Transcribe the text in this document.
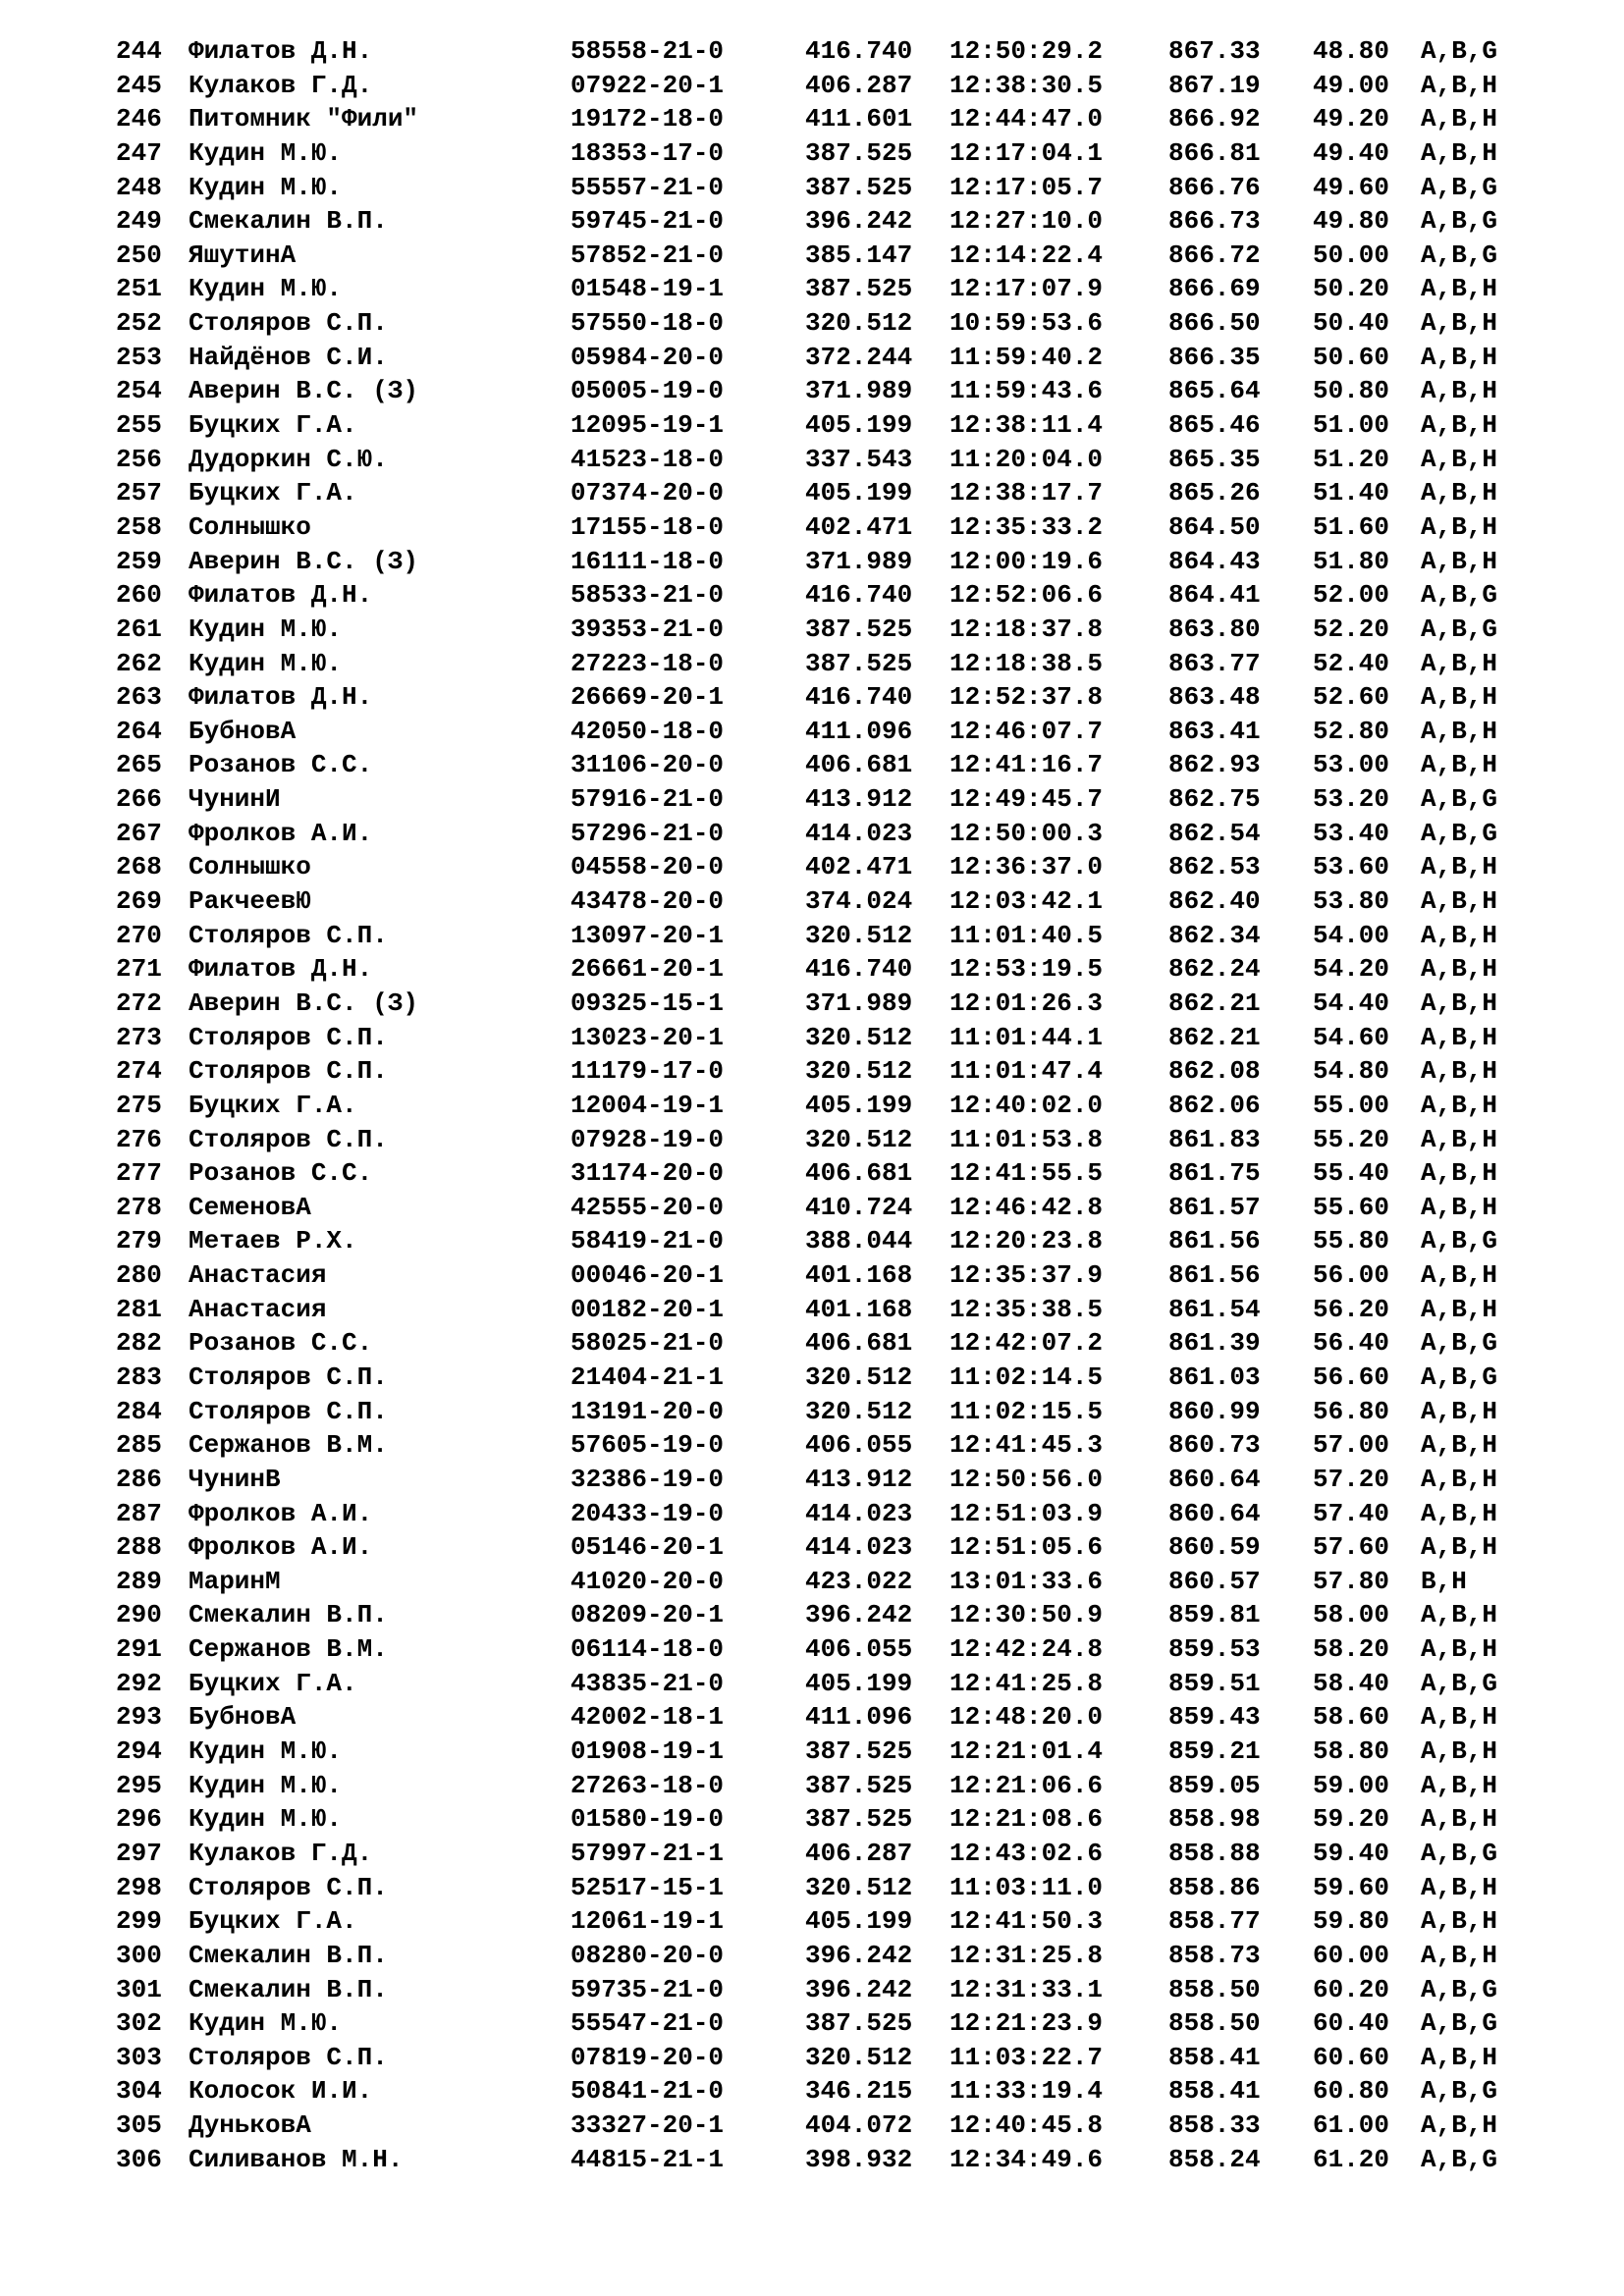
244 Филатов Д.Н.	58558-21-0	416.740 12:50:29.2	867.33 48.80 A,B,G
245 Кулаков Г.Д.	07922-20-1	406.287 12:38:30.5	867.19 49.00 A,B,H
246 Питомник "Фили"	19172-18-0	411.601 12:44:47.0	866.92 49.20 A,B,H
247 Кудин М.Ю.	18353-17-0	387.525 12:17:04.1	866.81 49.40 A,B,H
248 Кудин М.Ю.	55557-21-0	387.525 12:17:05.7	866.76 49.60 A,B,G
249 Смекалин В.П.	59745-21-0	396.242 12:27:10.0	866.73 49.80 A,B,G
250 ЯшутинА	57852-21-0	385.147 12:14:22.4	866.72 50.00 A,B,G
251 Кудин М.Ю.	01548-19-1	387.525 12:17:07.9	866.69 50.20 A,B,H
252 Столяров С.П.	57550-18-0	320.512 10:59:53.6	866.50 50.40 A,B,H
253 Найдёнов С.И.	05984-20-0	372.244 11:59:40.2	866.35 50.60 A,B,H
254 Аверин В.С. (З)	05005-19-0	371.989 11:59:43.6	865.64 50.80 A,B,H
255 Буцких Г.А.	12095-19-1	405.199 12:38:11.4	865.46 51.00 A,B,H
256 Дудоркин С.Ю.	41523-18-0	337.543 11:20:04.0	865.35 51.20 A,B,H
257 Буцких Г.А.	07374-20-0	405.199 12:38:17.7	865.26 51.40 A,B,H
258 Солнышко	17155-18-0	402.471 12:35:33.2	864.50 51.60 A,B,H
259 Аверин В.С. (З)	16111-18-0	371.989 12:00:19.6	864.43 51.80 A,B,H
260 Филатов Д.Н.	58533-21-0	416.740 12:52:06.6	864.41 52.00 A,B,G
261 Кудин М.Ю.	39353-21-0	387.525 12:18:37.8	863.80 52.20 A,B,G
262 Кудин М.Ю.	27223-18-0	387.525 12:18:38.5	863.77 52.40 A,B,H
263 Филатов Д.Н.	26669-20-1	416.740 12:52:37.8	863.48 52.60 A,B,H
264 БубновА	42050-18-0	411.096 12:46:07.7	863.41 52.80 A,B,H
265 Розанов С.С.	31106-20-0	406.681 12:41:16.7	862.93 53.00 A,B,H
266 ЧунинИ	57916-21-0	413.912 12:49:45.7	862.75 53.20 A,B,G
267 Фролков А.И.	57296-21-0	414.023 12:50:00.3	862.54 53.40 A,B,G
268 Солнышко	04558-20-0	402.471 12:36:37.0	862.53 53.60 A,B,H
269 РакчеевЮ	43478-20-0	374.024 12:03:42.1	862.40 53.80 A,B,H
270 Столяров С.П.	13097-20-1	320.512 11:01:40.5	862.34 54.00 A,B,H
271 Филатов Д.Н.	26661-20-1	416.740 12:53:19.5	862.24 54.20 A,B,H
272 Аверин В.С. (З)	09325-15-1	371.989 12:01:26.3	862.21 54.40 A,B,H
273 Столяров С.П.	13023-20-1	320.512 11:01:44.1	862.21 54.60 A,B,H
274 Столяров С.П.	11179-17-0	320.512 11:01:47.4	862.08 54.80 A,B,H
275 Буцких Г.А.	12004-19-1	405.199 12:40:02.0	862.06 55.00 A,B,H
276 Столяров С.П.	07928-19-0	320.512 11:01:53.8	861.83 55.20 A,B,H
277 Розанов С.С.	31174-20-0	406.681 12:41:55.5	861.75 55.40 A,B,H
278 СеменовА	42555-20-0	410.724 12:46:42.8	861.57 55.60 A,B,H
279 Метаев Р.Х.	58419-21-0	388.044 12:20:23.8	861.56 55.80 A,B,G
280 Анастасия	00046-20-1	401.168 12:35:37.9	861.56 56.00 A,B,H
281 Анастасия	00182-20-1	401.168 12:35:38.5	861.54 56.20 A,B,H
282 Розанов С.С.	58025-21-0	406.681 12:42:07.2	861.39 56.40 A,B,G
283 Столяров С.П.	21404-21-1	320.512 11:02:14.5	861.03 56.60 A,B,G
284 Столяров С.П.	13191-20-0	320.512 11:02:15.5	860.99 56.80 A,B,H
285 Сержанов В.М.	57605-19-0	406.055 12:41:45.3	860.73 57.00 A,B,H
286 ЧунинВ	32386-19-0	413.912 12:50:56.0	860.64 57.20 A,B,H
287 Фролков А.И.	20433-19-0	414.023 12:51:03.9	860.64 57.40 A,B,H
288 Фролков А.И.	05146-20-1	414.023 12:51:05.6	860.59 57.60 A,B,H
289 МаринМ	41020-20-0	423.022 13:01:33.6	860.57 57.80 B,H
290 Смекалин В.П.	08209-20-1	396.242 12:30:50.9	859.81 58.00 A,B,H
291 Сержанов В.М.	06114-18-0	406.055 12:42:24.8	859.53 58.20 A,B,H
292 Буцких Г.А.	43835-21-0	405.199 12:41:25.8	859.51 58.40 A,B,G
293 БубновА	42002-18-1	411.096 12:48:20.0	859.43 58.60 A,B,H
294 Кудин М.Ю.	01908-19-1	387.525 12:21:01.4	859.21 58.80 A,B,H
295 Кудин М.Ю.	27263-18-0	387.525 12:21:06.6	859.05 59.00 A,B,H
296 Кудин М.Ю.	01580-19-0	387.525 12:21:08.6	858.98 59.20 A,B,H
297 Кулаков Г.Д.	57997-21-1	406.287 12:43:02.6	858.88 59.40 A,B,G
298 Столяров С.П.	52517-15-1	320.512 11:03:11.0	858.86 59.60 A,B,H
299 Буцких Г.А.	12061-19-1	405.199 12:41:50.3	858.77 59.80 A,B,H
300 Смекалин В.П.	08280-20-0	396.242 12:31:25.8	858.73 60.00 A,B,H
301 Смекалин В.П.	59735-21-0	396.242 12:31:33.1	858.50 60.20 A,B,G
302 Кудин М.Ю.	55547-21-0	387.525 12:21:23.9	858.50 60.40 A,B,G
303 Столяров С.П.	07819-20-0	320.512 11:03:22.7	858.41 60.60 A,B,H
304 Колосок И.И.	50841-21-0	346.215 11:33:19.4	858.41 60.80 A,B,G
305 ДуньковА	33327-20-1	404.072 12:40:45.8	858.33 61.00 A,B,H
306 Силиванов М.Н.	44815-21-1	398.932 12:34:49.6	858.24 61.20 A,B,G
